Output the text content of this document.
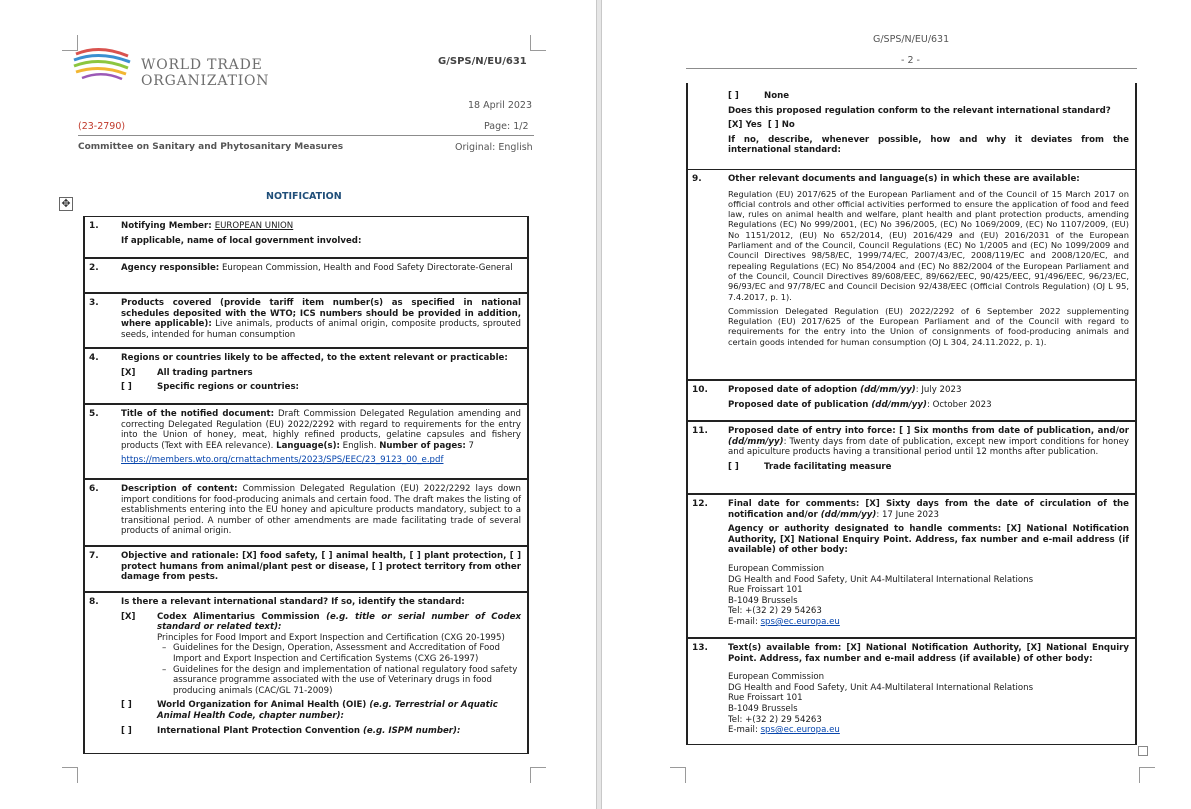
WORLD TRADE
ORGANIZATION
G/SPS/N/EU/631
18 April 2023
(23-2790)	Page: 1/2
Committee on Sanitary and Phytosanitary Measures	Original: English
✥
NOTIFICATION
1.	Notifying Member: EUROPEAN UNION

If applicable, name of local government involved:

2.	Agency responsible: European Commission, Health and Food Safety Directorate-General

3.	Products covered (provide tariff item number(s) as specified in national schedules deposited with the WTO; ICS numbers should be provided in addition, where applicable): Live animals, products of animal origin, composite products, sprouted seeds, intended for human consumption

4.	Regions or countries likely to be affected, to the extent relevant or practicable:

[X]	All trading partners
[ ]	Specific regions or countries:
5.	Title of the notified document: Draft Commission Delegated Regulation amending and correcting Delegated Regulation (EU) 2022/2292 with regard to requirements for the entry into the Union of honey, meat, highly refined products, gelatine capsules and fishery products (Text with EEA relevance). Language(s): English. Number of pages: 7

https://members.wto.org/crnattachments/2023/SPS/EEC/23_9123_00_e.pdf

6.	Description of content: Commission Delegated Regulation (EU) 2022/2292 lays down import conditions for food-producing animals and certain food. The draft makes the listing of establishments entering into the EU honey and apiculture products mandatory, subject to a transitional period. A number of other amendments are made facilitating trade of several products of animal origin.

7.	Objective and rationale: [X] food safety, [ ] animal health, [ ] plant protection, [ ] protect humans from animal/plant pest or disease, [ ] protect territory from other damage from pests.

8.	Is there a relevant international standard? If so, identify the standard:

[X]	Codex Alimentarius Commission (e.g. title or serial number of Codex standard or related text):
Principles for Food Import and Export Inspection and Certification (CXG 20-1995)
– Guidelines for the Design, Operation, Assessment and Accreditation of Food Import and Export Inspection and Certification Systems (CXG 26-1997)
– Guidelines for the design and implementation of national regulatory food safety assurance programme associated with the use of Veterinary drugs in food producing animals (CAC/GL 71-2009)
[ ]	World Organization for Animal Health (OIE) (e.g. Terrestrial or Aquatic Animal Health Code, chapter number):
[ ]	International Plant Protection Convention (e.g. ISPM number):
G/SPS/N/EU/631
- 2 -
[ ]	None

Does this proposed regulation conform to the relevant international standard?

[X] Yes [ ] No

If no, describe, whenever possible, how and why it deviates from the international standard:

9.	Other relevant documents and language(s) in which these are available:

Regulation (EU) 2017/625 of the European Parliament and of the Council of 15 March 2017 on official controls and other official activities performed to ensure the application of food and feed law, rules on animal health and welfare, plant health and plant protection products, amending Regulations (EC) No 999/2001, (EC) No 396/2005, (EC) No 1069/2009, (EC) No 1107/2009, (EU) No 1151/2012, (EU) No 652/2014, (EU) 2016/429 and (EU) 2016/2031 of the European Parliament and of the Council, Council Regulations (EC) No 1/2005 and (EC) No 1099/2009 and Council Directives 98/58/EC, 1999/74/EC, 2007/43/EC, 2008/119/EC and 2008/120/EC, and repealing Regulations (EC) No 854/2004 and (EC) No 882/2004 of the European Parliament and of the Council, Council Directives 89/608/EEC, 89/662/EEC, 90/425/EEC, 91/496/EEC, 96/23/EC, 96/93/EC and 97/78/EC and Council Decision 92/438/EEC (Official Controls Regulation) (OJ L 95, 7.4.2017, p. 1).

Commission Delegated Regulation (EU) 2022/2292 of 6 September 2022 supplementing Regulation (EU) 2017/625 of the European Parliament and of the Council with regard to requirements for the entry into the Union of consignments of food-producing animals and certain goods intended for human consumption (OJ L 304, 24.11.2022, p. 1).

10. Proposed date of adoption (dd/mm/yy): July 2023

Proposed date of publication (dd/mm/yy): October 2023

11. Proposed date of entry into force: [ ] Six months from date of publication, and/or (dd/mm/yy): Twenty days from date of publication, except new import conditions for honey and apiculture products having a transitional period until 12 months after publication.

[ ]	Trade facilitating measure
12. Final date for comments: [X] Sixty days from the date of circulation of the notification and/or (dd/mm/yy): 17 June 2023

Agency or authority designated to handle comments: [X] National Notification Authority, [X] National Enquiry Point. Address, fax number and e-mail address (if available) of other body:

European Commission

DG Health and Food Safety, Unit A4-Multilateral International Relations

Rue Froissart 101

B-1049 Brussels

Tel: +(32 2) 29 54263

E-mail: sps@ec.europa.eu

13. Text(s) available from: [X] National Notification Authority, [X] National Enquiry Point. Address, fax number and e-mail address (if available) of other body:

European Commission

DG Health and Food Safety, Unit A4-Multilateral International Relations

Rue Froissart 101

B-1049 Brussels

Tel: +(32 2) 29 54263

E-mail: sps@ec.europa.eu
